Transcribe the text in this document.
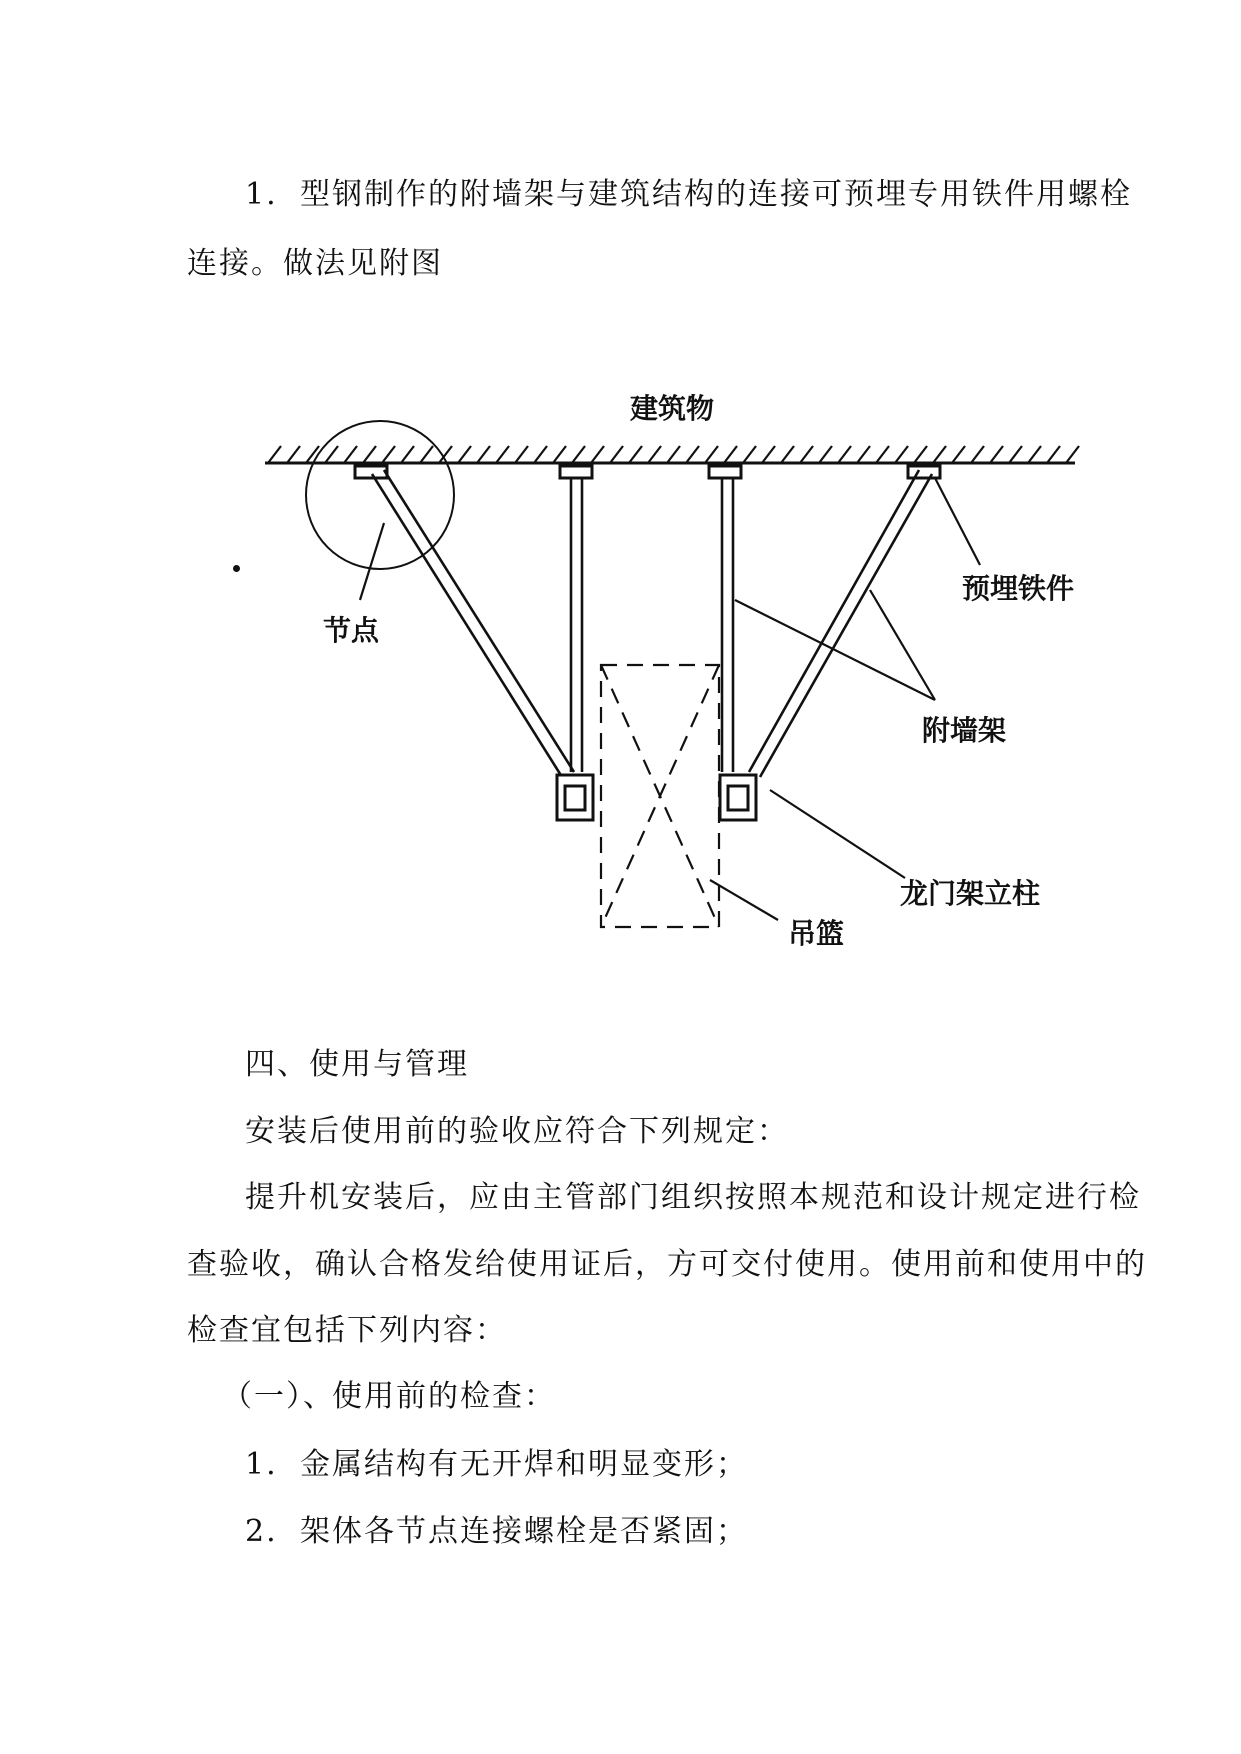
1. 型钢制作的附墙架与建筑结构的连接可预埋专用铁件用螺栓
连接。做法见附图
建筑物
节点
预埋铁件
附墙架
龙门架立柱
吊篮
四、使用与管理
安装后使用前的验收应符合下列规定：
提升机安装后，应由主管部门组织按照本规范和设计规定进行检
查验收，确认合格发给使用证后，方可交付使用。使用前和使用中的
检查宜包括下列内容：
（一）、使用前的检查：
1. 金属结构有无开焊和明显变形；
2. 架体各节点连接螺栓是否紧固；
